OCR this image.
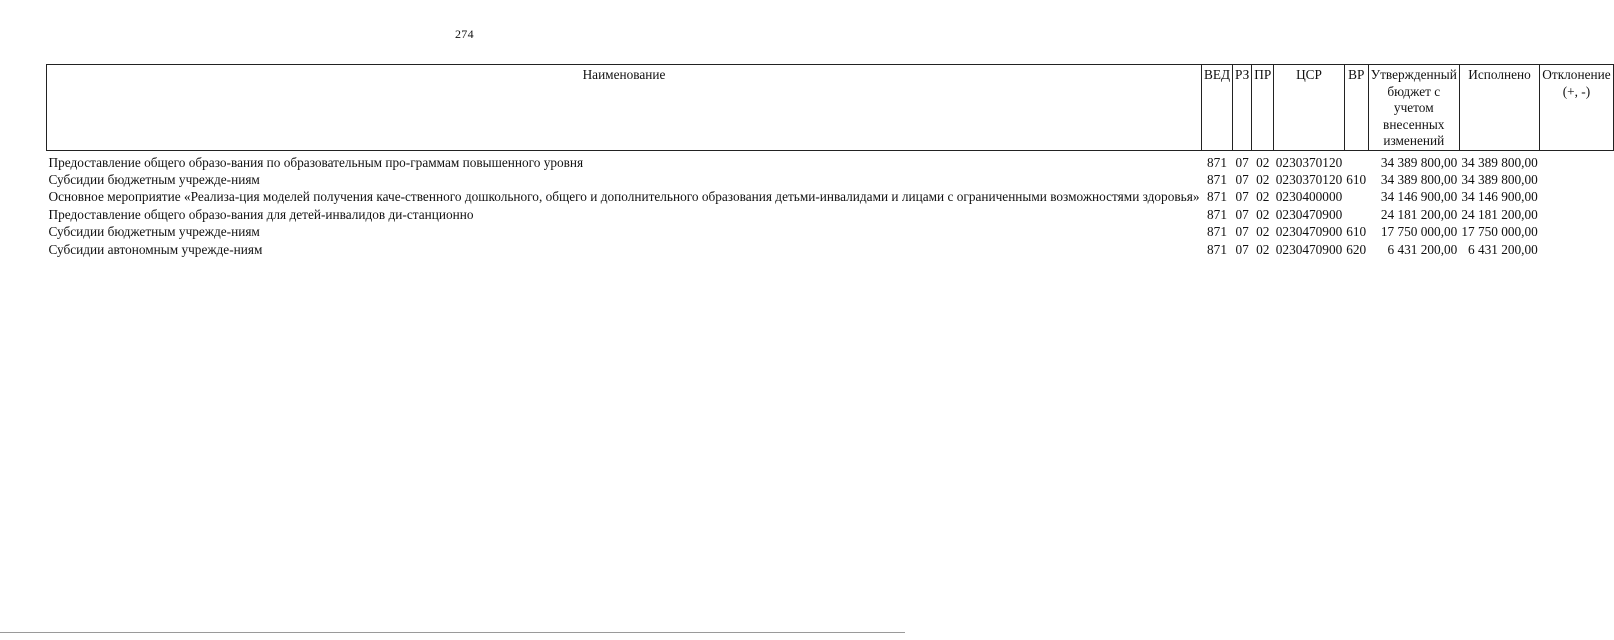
274
Наименование	ВЕД	РЗ	ПР	ЦСР	ВР	Утвержденный бюджет с учетом внесенных изменений	Исполнено	Отклонение (+, -)
Предоставление общего образо-вания по образовательным про-граммам повышенного уровня	871	07	02	0230370120		34 389 800,00	34 389 800,00	
Субсидии бюджетным учрежде-ниям	871	07	02	0230370120	610	34 389 800,00	34 389 800,00	
Основное мероприятие «Реализа-ция моделей получения каче-ственного дошкольного, общего и дополнительного образования детьми-инвалидами и лицами с ограниченными возможностями здоровья»	871	07	02	0230400000		34 146 900,00	34 146 900,00	
Предоставление общего образо-вания для детей-инвалидов ди-станционно	871	07	02	0230470900		24 181 200,00	24 181 200,00	
Субсидии бюджетным учрежде-ниям	871	07	02	0230470900	610	17 750 000,00	17 750 000,00	
Субсидии автономным учрежде-ниям	871	07	02	0230470900	620	6 431 200,00	6 431 200,00	
